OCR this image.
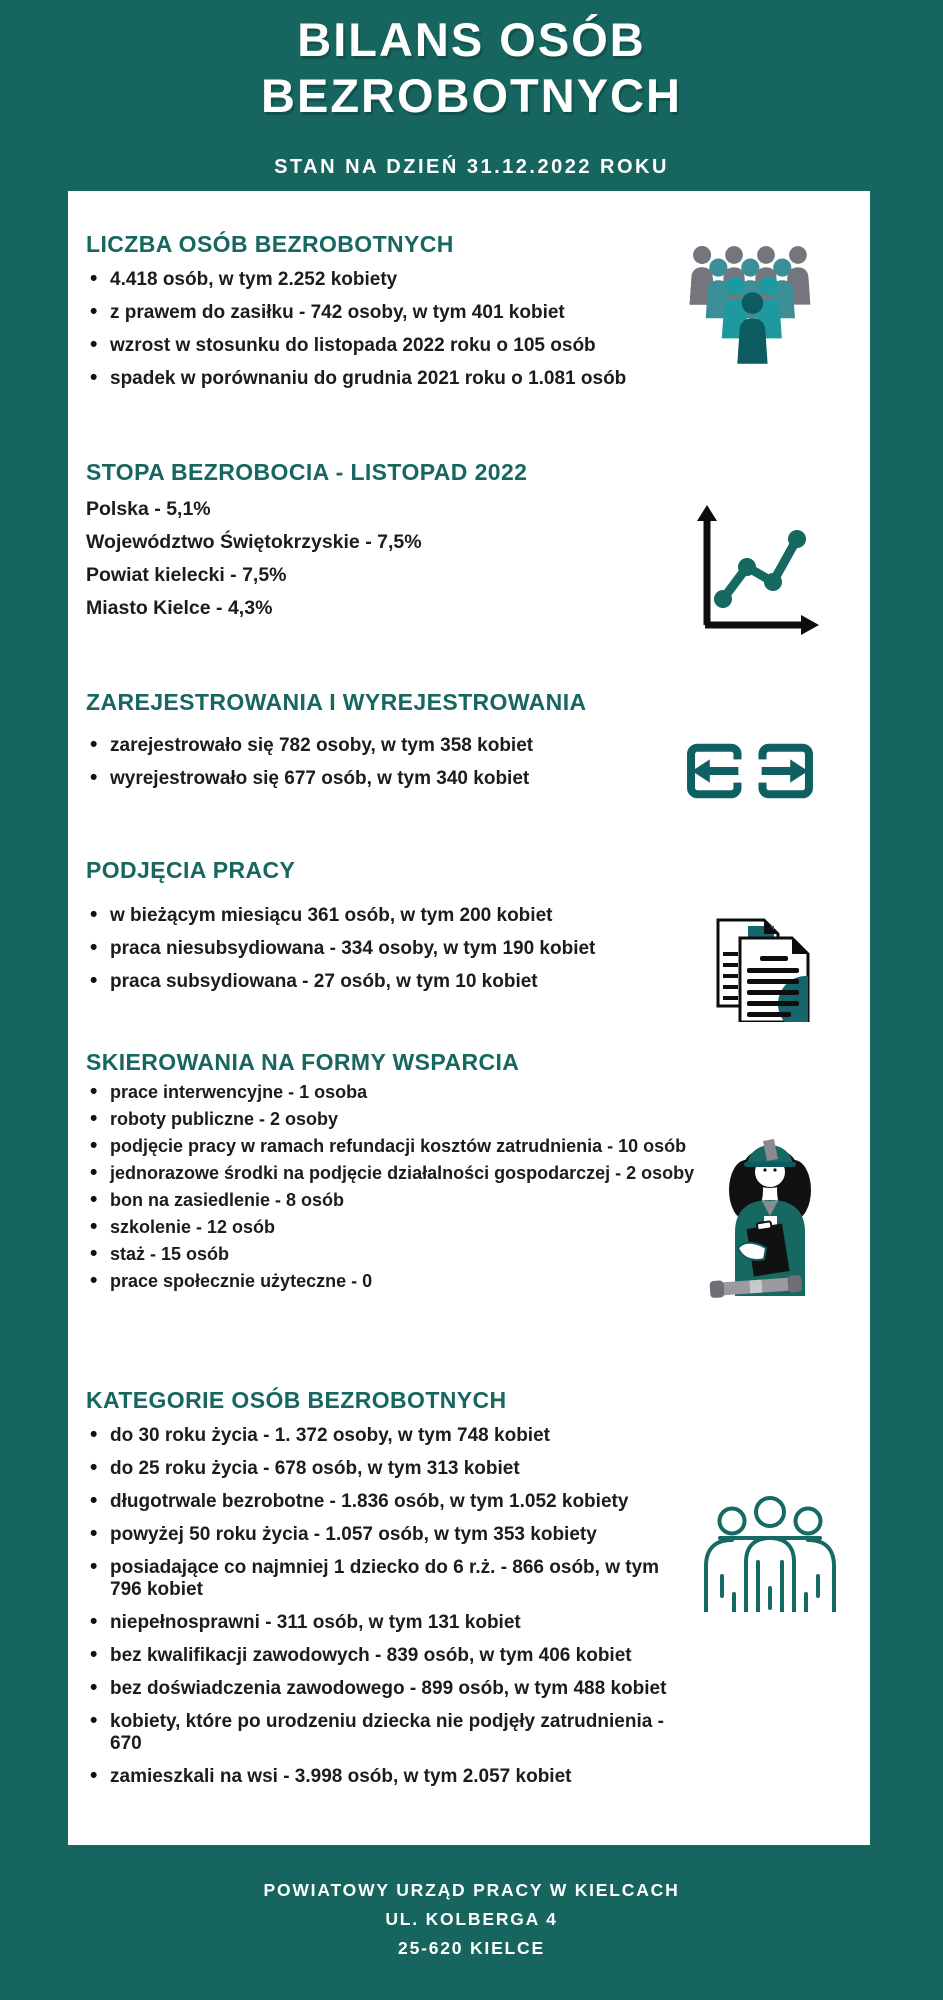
BILANS OSÓB
BEZROBOTNYCH
STAN NA DZIEŃ 31.12.2022 ROKU
LICZBA OSÓB BEZROBOTNYCH
• 4.418 osób, w tym 2.252 kobiety
• z prawem do zasiłku - 742 osoby, w tym 401 kobiet
• wzrost w stosunku do listopada 2022 roku o 105 osób
• spadek w porównaniu do grudnia 2021 roku o 1.081 osób
STOPA BEZROBOCIA - LISTOPAD 2022

Polska - 5,1%

Województwo Świętokrzyskie - 7,5%

Powiat kielecki - 7,5%

Miasto Kielce - 4,3%

ZAREJESTROWANIA I WYREJESTROWANIA
• zarejestrowało się 782 osoby, w tym 358 kobiet
• wyrejestrowało się 677 osób, w tym 340 kobiet
PODJĘCIA PRACY
• w bieżącym miesiącu 361 osób, w tym 200 kobiet
• praca niesubsydiowana - 334 osoby, w tym 190 kobiet
• praca subsydiowana - 27 osób, w tym 10 kobiet
SKIEROWANIA NA FORMY WSPARCIA
• prace interwencyjne - 1 osoba
• roboty publiczne - 2 osoby
• podjęcie pracy w ramach refundacji kosztów zatrudnienia - 10 osób
• jednorazowe środki na podjęcie działalności gospodarczej - 2 osoby
• bon na zasiedlenie - 8 osób
• szkolenie - 12 osób
• staż - 15 osób
• prace społecznie użyteczne - 0
KATEGORIE OSÓB BEZROBOTNYCH
• do 30 roku życia - 1. 372 osoby, w tym 748 kobiet
• do 25 roku życia - 678 osób, w tym 313 kobiet
• długotrwale bezrobotne - 1.836 osób, w tym 1.052 kobiety
• powyżej 50 roku życia - 1.057 osób, w tym 353 kobiety
• posiadające co najmniej 1 dziecko do 6 r.ż. - 866 osób, w tym 796 kobiet
• niepełnosprawni - 311 osób, w tym 131 kobiet
• bez kwalifikacji zawodowych - 839 osób, w tym 406 kobiet
• bez doświadczenia zawodowego - 899 osób, w tym 488 kobiet
• kobiety, które po urodzeniu dziecka nie podjęły zatrudnienia - 670
• zamieszkali na wsi - 3.998 osób, w tym 2.057 kobiet
POWIATOWY URZĄD PRACY W KIELCACH
UL. KOLBERGA 4
25-620 KIELCE
